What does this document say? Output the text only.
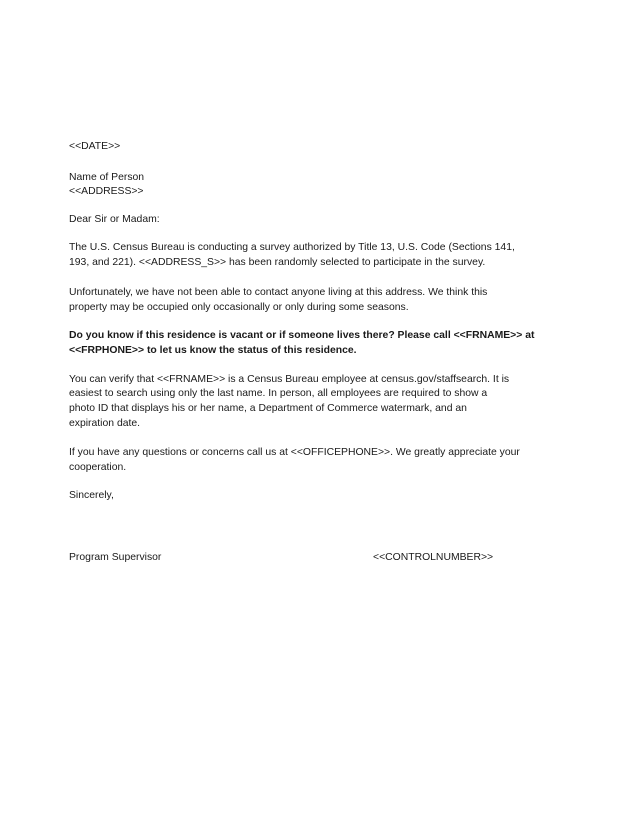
<<DATE>>
Name of Person
<<ADDRESS>>
Dear Sir or Madam:
The U.S. Census Bureau is conducting a survey authorized by Title 13, U.S. Code (Sections 141,
193, and 221). <<ADDRESS_S>> has been randomly selected to participate in the survey.
Unfortunately, we have not been able to contact anyone living at this address. We think this
property may be occupied only occasionally or only during some seasons.
Do you know if this residence is vacant or if someone lives there? Please call <<FRNAME>> at
<<FRPHONE>> to let us know the status of this residence.
You can verify that <<FRNAME>> is a Census Bureau employee at census.gov/staffsearch. It is
easiest to search using only the last name. In person, all employees are required to show a
photo ID that displays his or her name, a Department of Commerce watermark, and an
expiration date.
If you have any questions or concerns call us at <<OFFICEPHONE>>. We greatly appreciate your
cooperation.
Sincerely,
Program Supervisor	<<CONTROLNUMBER>>
